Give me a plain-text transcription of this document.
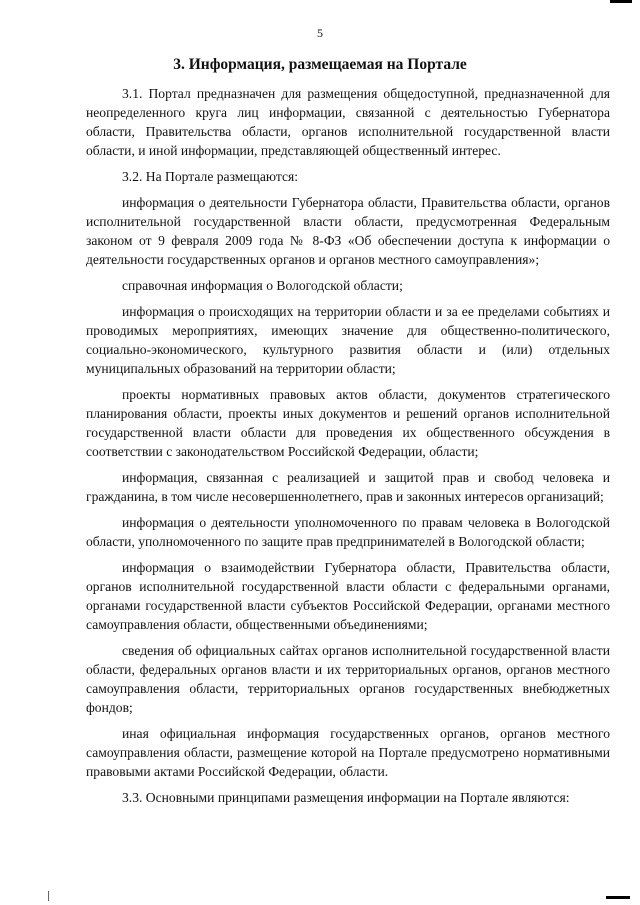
5
3. Информация, размещаемая на Портале

3.1. Портал предназначен для размещения общедоступной, предназначенной для неопределенного круга лиц информации, связанной с деятельностью Губернатора области, Правительства области, органов исполнительной государственной власти области, и иной информации, представляющей общественный интерес.

3.2. На Портале размещаются:

информация о деятельности Губернатора области, Правительства области, органов исполнительной государственной власти области, предусмотренная Федеральным законом от 9 февраля 2009 года № 8-ФЗ «Об обеспечении доступа к информации о деятельности государственных органов и органов местного самоуправления»;

справочная информация о Вологодской области;

информация о происходящих на территории области и за ее пределами событиях и проводимых мероприятиях, имеющих значение для общественно-политического, социально-экономического, культурного развития области и (или) отдельных муниципальных образований на территории области;

проекты нормативных правовых актов области, документов стратегического планирования области, проекты иных документов и решений органов исполнительной государственной власти области для проведения их общественного обсуждения в соответствии с законодательством Российской Федерации, области;

информация, связанная с реализацией и защитой прав и свобод человека и гражданина, в том числе несовершеннолетнего, прав и законных интересов организаций;

информация о деятельности уполномоченного по правам человека в Вологодской области, уполномоченного по защите прав предпринимателей в Вологодской области;

информация о взаимодействии Губернатора области, Правительства области, органов исполнительной государственной власти области с федеральными органами, органами государственной власти субъектов Российской Федерации, органами местного самоуправления области, общественными объединениями;

сведения об официальных сайтах органов исполнительной государственной власти области, федеральных органов власти и их территориальных органов, органов местного самоуправления области, территориальных органов государственных внебюджетных фондов;

иная официальная информация государственных органов, органов местного самоуправления области, размещение которой на Портале предусмотрено нормативными правовыми актами Российской Федерации, области.

3.3. Основными принципами размещения информации на Портале являются:
